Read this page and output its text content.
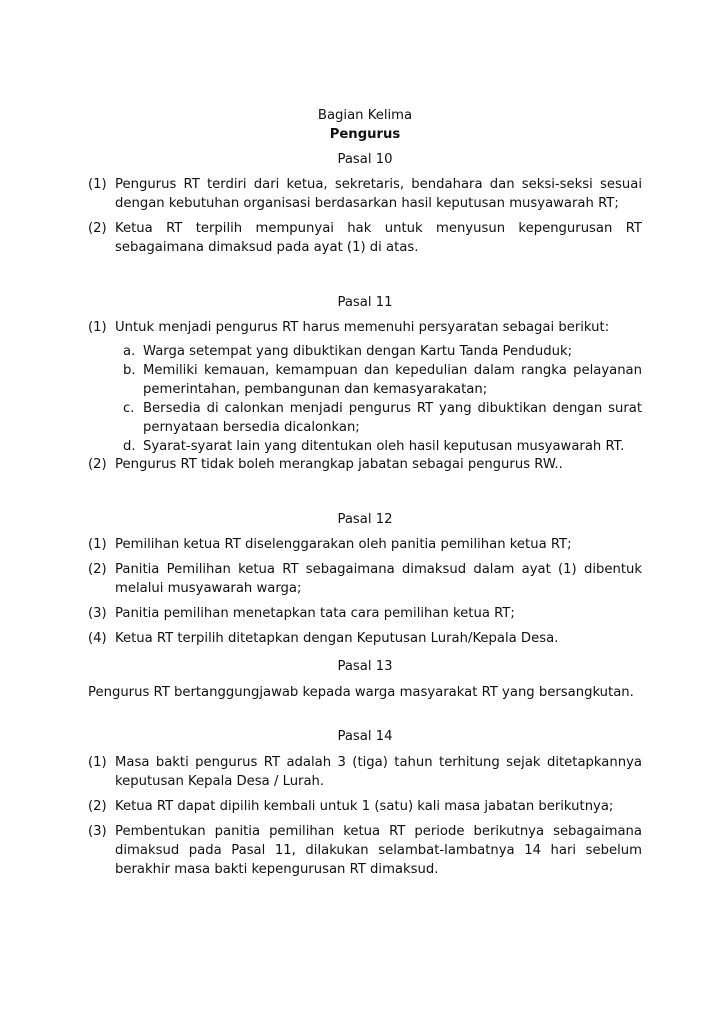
Bagian Kelima
Pengurus
Pasal 10
(1) Pengurus RT terdiri dari ketua, sekretaris, bendahara dan seksi-seksi sesuai dengan kebutuhan organisasi berdasarkan hasil keputusan musyawarah RT;
(2) Ketua RT terpilih mempunyai hak untuk menyusun kepengurusan RT sebagaimana dimaksud pada ayat (1) di atas.
Pasal 11
(1) Untuk menjadi pengurus RT harus memenuhi persyaratan sebagai berikut:
a. Warga setempat yang dibuktikan dengan Kartu Tanda Penduduk;
b. Memiliki kemauan, kemampuan dan kepedulian dalam rangka pelayanan pemerintahan, pembangunan dan kemasyarakatan;
c. Bersedia di calonkan menjadi pengurus RT yang dibuktikan dengan surat pernyataan bersedia dicalonkan;
d. Syarat-syarat lain yang ditentukan oleh hasil keputusan musyawarah RT.
(2) Pengurus RT tidak boleh merangkap jabatan sebagai pengurus RW..
Pasal 12
(1) Pemilihan ketua RT diselenggarakan oleh panitia pemilihan ketua RT;
(2) Panitia Pemilihan ketua RT sebagaimana dimaksud dalam ayat (1) dibentuk melalui musyawarah warga;
(3) Panitia pemilihan menetapkan tata cara pemilihan ketua RT;
(4) Ketua RT terpilih ditetapkan dengan Keputusan Lurah/Kepala Desa.
Pasal 13
Pengurus RT bertanggungjawab kepada warga masyarakat RT yang bersangkutan.
Pasal 14
(1) Masa bakti pengurus RT adalah 3 (tiga) tahun terhitung sejak ditetapkannya keputusan Kepala Desa / Lurah.
(2) Ketua RT dapat dipilih kembali untuk 1 (satu) kali masa jabatan berikutnya;
(3) Pembentukan panitia pemilihan ketua RT periode berikutnya sebagaimana dimaksud pada Pasal 11, dilakukan selambat-lambatnya 14 hari sebelum berakhir masa bakti kepengurusan RT dimaksud.
